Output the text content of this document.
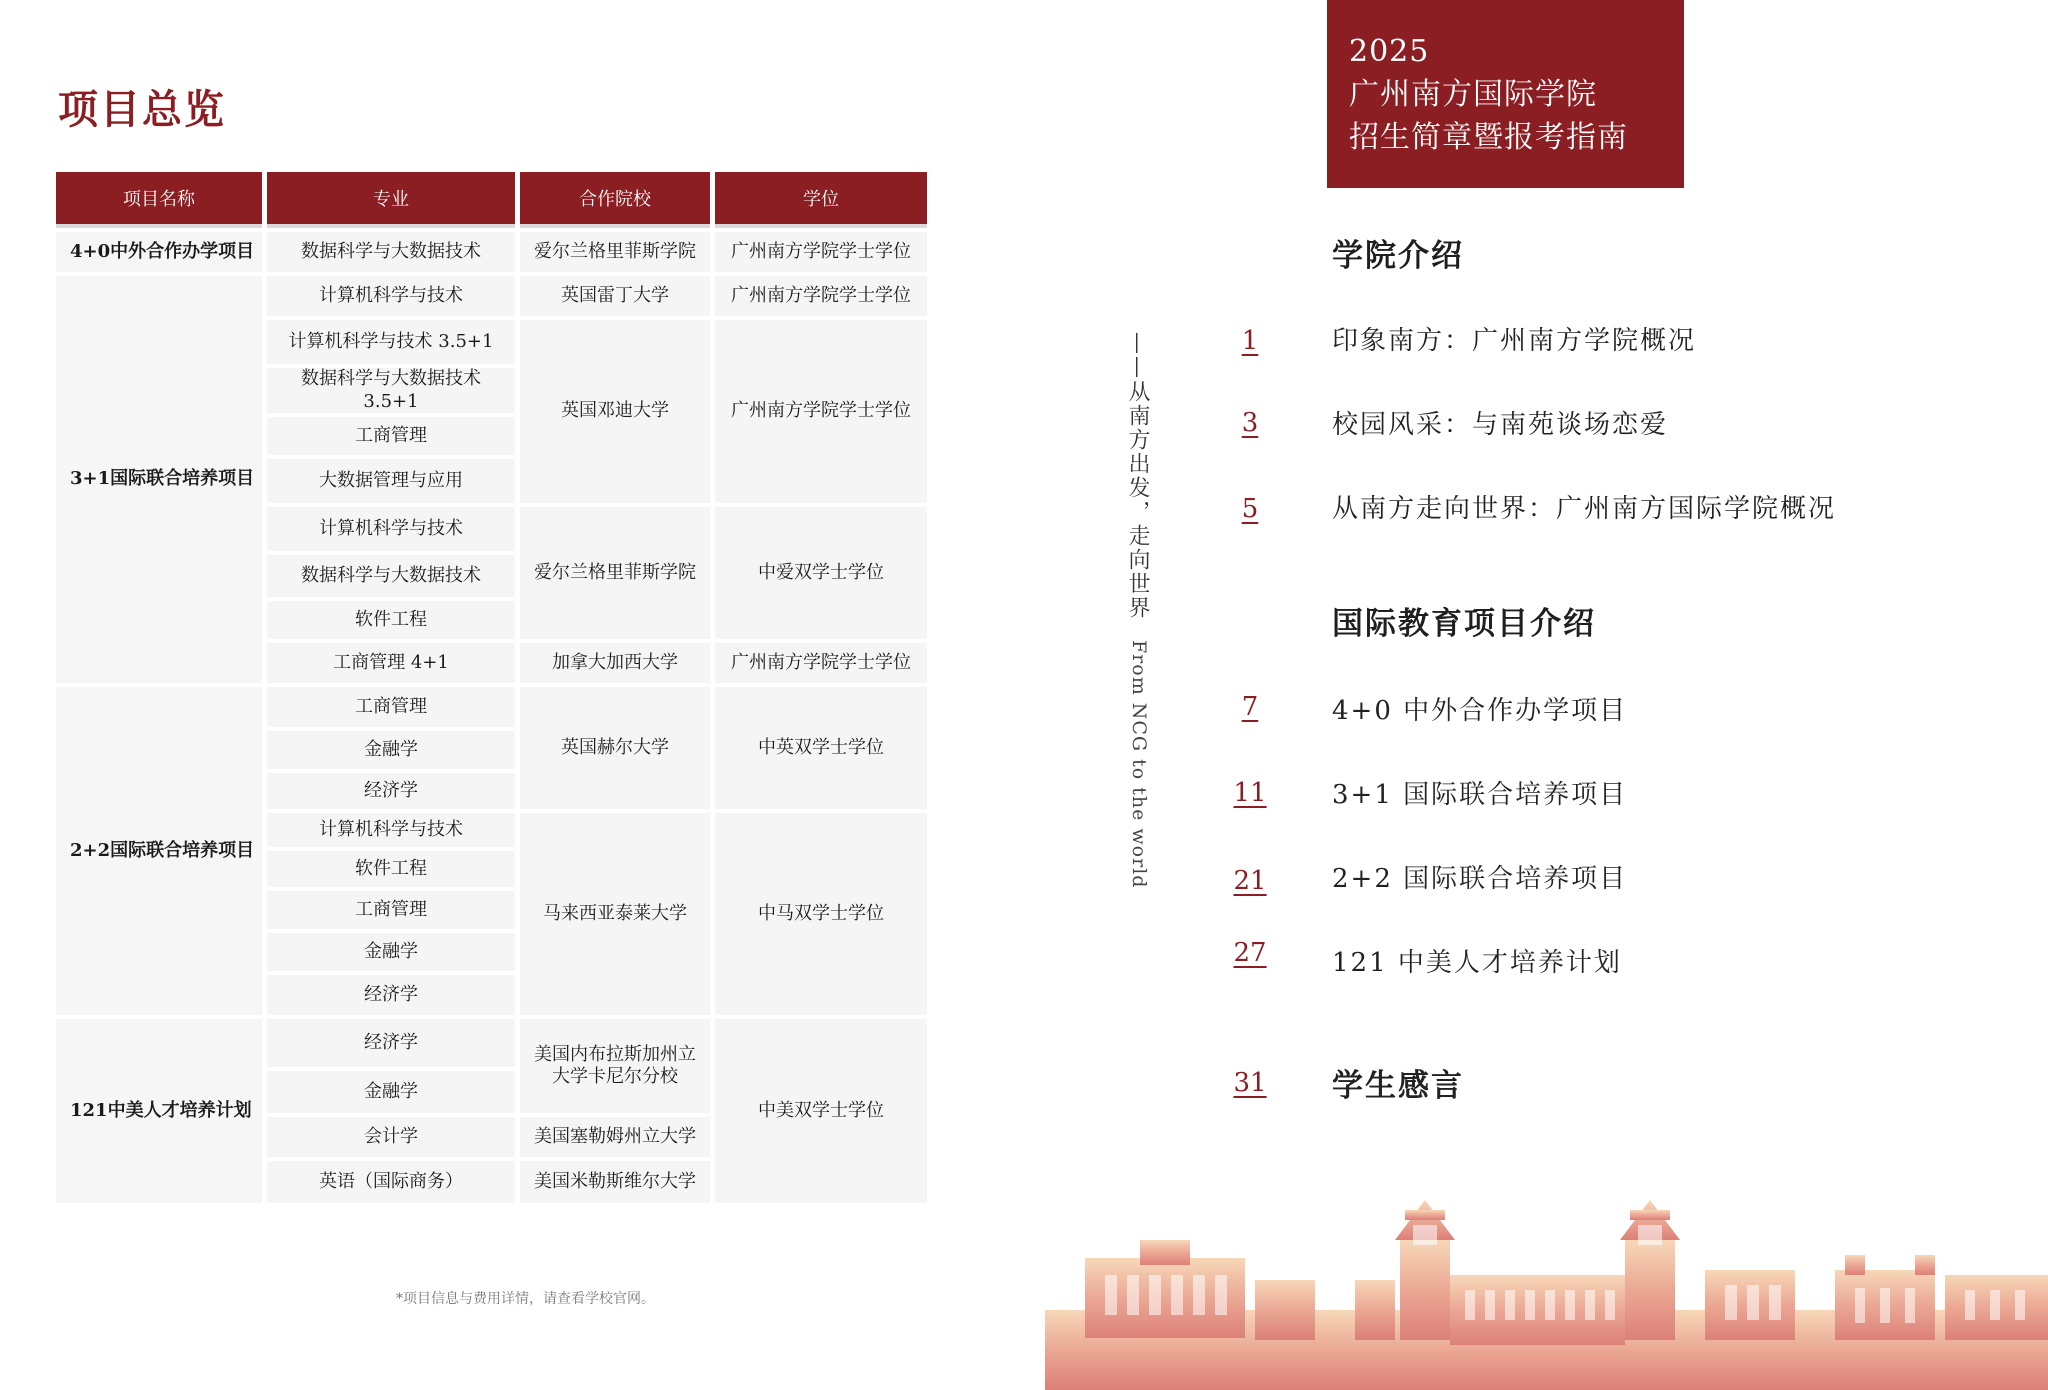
项目总览
项目名称	专业	合作院校	学位
4+0中外合作办学项目	数据科学与大数据技术	爱尔兰格里菲斯学院	广州南方学院学士学位
3+1国际联合培养项目	计算机科学与技术	英国雷丁大学	广州南方学院学士学位
	计算机科学与技术 3.5+1	英国邓迪大学	广州南方学院学士学位
	数据科学与大数据技术 3.5+1		
	工商管理		
	大数据管理与应用		
	计算机科学与技术	爱尔兰格里菲斯学院	中爱双学士学位
	数据科学与大数据技术		
	软件工程		
	工商管理 4+1	加拿大加西大学	广州南方学院学士学位
2+2国际联合培养项目	工商管理	英国赫尔大学	中英双学士学位
	金融学		
	经济学		
	计算机科学与技术	马来西亚泰莱大学	中马双学士学位
	软件工程		
	工商管理		
	金融学		
	经济学		
121中美人才培养计划	经济学	美国内布拉斯加州立大学卡尼尔分校	中美双学士学位
	金融学		
	会计学	美国塞勒姆州立大学	
	英语（国际商务）	美国米勒斯维尔大学	
*项目信息与费用详情，请查看学校官网。
2025
广州南方国际学院
招生简章暨报考指南
——从南方出发，走向世界
From NCG to the world
学院介绍
1	印象南方：广州南方学院概况
3	校园风采：与南苑谈场恋爱
5	从南方走向世界：广州南方国际学院概况
国际教育项目介绍
7	4+0 中外合作办学项目
11	3+1 国际联合培养项目
21	2+2 国际联合培养项目
27	121 中美人才培养计划
31	学生感言
